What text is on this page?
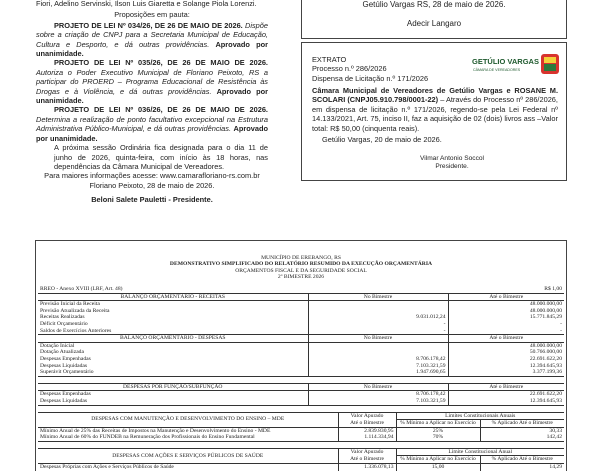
Fiori, Adelino Servinski, Ilson Luis Giaretta e Solange Piola Lorenzi.
Proposições em pauta:
PROJETO DE LEI Nº 034/26, DE 26 DE MAIO DE 2026. Dispõe sobre a criação de CNPJ para a Secretaria Municipal de Educação, Cultura e Desporto, e dá outras providências. Aprovado por unanimidade.
PROJETO DE LEI Nº 035/26, DE 26 DE MAIO DE 2026. Autoriza o Poder Executivo Municipal de Floriano Peixoto, RS a participar do PROERD – Programa Educacional de Resistência às Drogas e à Violência, e dá outras providências. Aprovado por unanimidade.
PROJETO DE LEI Nº 036/26, DE 26 DE MAIO DE 2026. Determina a realização de ponto facultativo excepcional na Estrutura Administrativa Público-Municipal, e dá outras providências. Aprovado por unanimidade.
A próxima sessão Ordinária fica designada para o dia 11 de junho de 2026, quinta-feira, com início às 18 horas, nas dependências da Câmara Municipal de Vereadores.
Para maiores informações acesse: www.camarafloriano-rs.com.br
Floriano Peixoto, 28 de maio de 2026.
Beloni Salete Pauletti - Presidente.
Getúlio Vargas RS, 28 de maio de 2026.
Adecir Langaro
EXTRATO
Processo n.º 286/2026
Dispensa de Licitação n.º 171/2026
GETÚLIO VARGAS
CÂMARA DE VEREADORES
Câmara Municipal de Vereadores de Getúlio Vargas e ROSANE M. SCOLARI (CNPJ05.910.798/0001-22) – Através do Processo nº 286/2026, em dispensa de licitação n.º 171/2026, regendo-se pela Lei Federal nº 14.133/2021, Art. 75, inciso II, faz a aquisição de 02 (dois) livros ass –Valor total: R$ 50,00 (cinquenta reais).
Getúlio Vargas, 20 de maio de 2026.
Vilmar Antonio Soccol
Presidente.
MUNICÍPIO DE EREBANGO, RS
DEMONSTRATIVO SIMPLIFICADO DO RELATÓRIO RESUMIDO DA EXECUÇÃO ORÇAMENTÁRIA
ORÇAMENTOS FISCAL E DA SEGURIDADE SOCIAL
2º BIMESTRE 2026
RREO - Anexo XVIII (LRF, Art. 48)	R$ 1,00
BALANÇO ORÇAMENTÁRIO - RECEITAS	No Bimestre	Até o Bimestre
Previsão Inicial da Receita		48.000.000,00
Previsão Atualizada da Receita		48.000.000,00
Receitas Realizadas	9.031.012,24	15.771.845,29
Déficit Orçamentário	-	-
Saldos de Exercícios Anteriores	-	-
BALANÇO ORÇAMENTÁRIO - DESPESAS	No Bimestre	Até o Bimestre
Dotação Inicial		48.000.000,00
Dotação Atualizada		50.766.000,00
Despesas Empenhadas	8.706.178,42	22.691.622,20
Despesas Liquidadas	7.103.321,59	12.394.645,93
Superávit Orçamentário	1.947.690,65	3.377.199,36
DESPESAS POR FUNÇÃO/SUBFUNÇÃO	No Bimestre	Até o Bimestre
Despesas Empenhadas	8.706.178,42	22.691.622,20
Despesas Liquidadas	7.103.321,59	12.394.645,93
DESPESAS COM MANUTENÇÃO E DESENVOLVIMENTO DO ENSINO – MDE	Valor Apurado	Limites Constitucionais Anuais	
	Até o Bimestre	% Mínimo a Aplicar no Exercício	% Aplicado Até o Bimestre

Mínimo Anual de 25% das Receitas de Impostos na Manutenção e Desenvolvimento do Ensino - MDE	2.839.830,95	25%	30,33
Mínimo Anual de 60% do FUNDEB na Remuneração dos Profissionais do Ensino Fundamental	1.114.334,94	70%	142,42
DESPESAS COM AÇÕES E SERVIÇOS PÚBLICOS DE SAÚDE	Valor Apurado	Limite Constitucional Anual	
	Até o Bimestre	% Mínimo a Aplicar no Exercício	% Aplicado Até o Bimestre

Despesas Próprias com Ações e Serviços Públicos de Saúde	1.336.078,13	15,00	14,29
